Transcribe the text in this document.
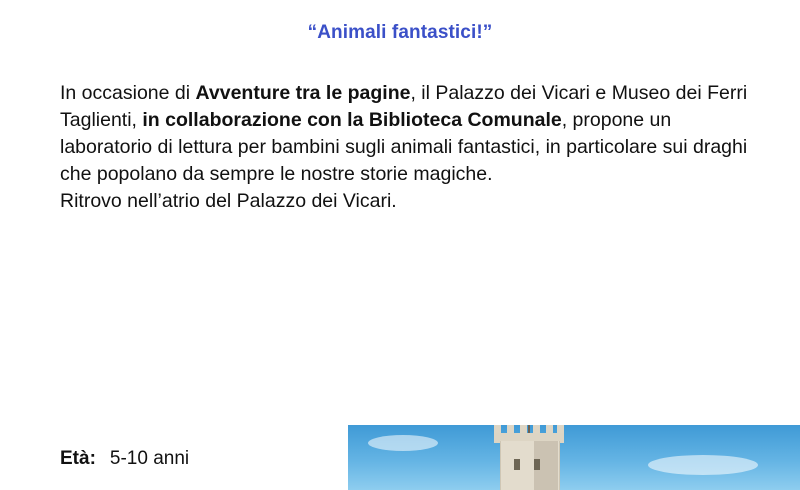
“Animali fantastici!”

In occasione di Avventure tra le pagine, il Palazzo dei Vicari e Museo dei Ferri Taglienti, in collaborazione con la Biblioteca Comunale, propone un laboratorio di lettura per bambini sugli animali fantastici, in particolare sui draghi che popolano da sempre le nostre storie magiche.

Ritrovo nell’atrio del Palazzo dei Vicari.

Età: 5-10 anni
